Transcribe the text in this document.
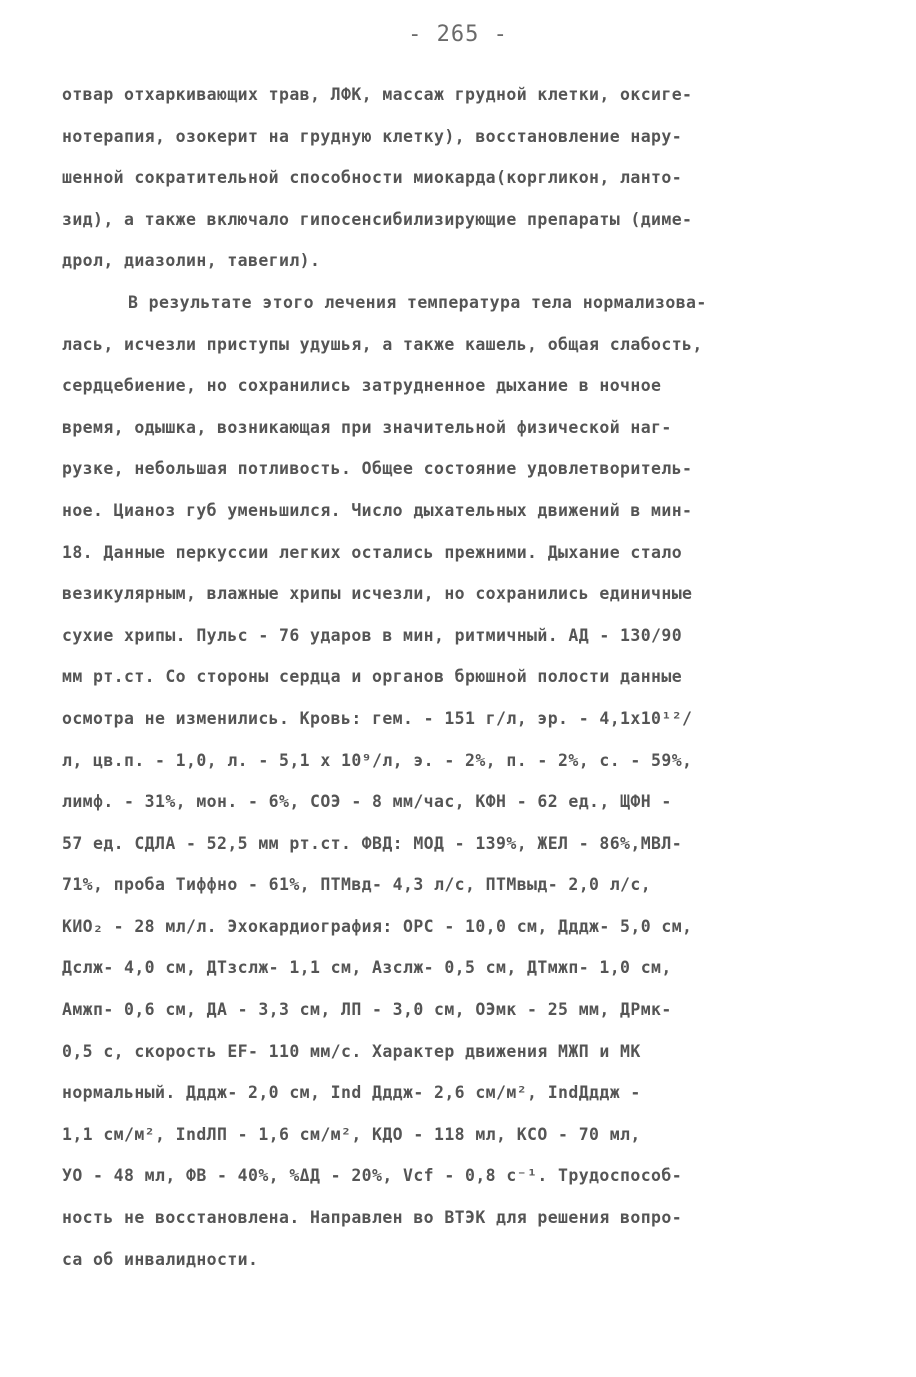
- 265 -
отвар отхаркивающих трав, ЛФК, массаж грудной клетки, оксиге-
нотерапия, озокерит на грудную клетку), восстановление нару-
шенной сократительной способности миокарда(коргликон, ланто-
зид), а также включало гипосенсибилизирующие препараты (диме-
дрол, диазолин, тавегил).
В результате этого лечения температура тела нормализова-
лась, исчезли приступы удушья, а также кашель, общая слабость,
сердцебиение, но сохранились затрудненное дыхание в ночное
время, одышка, возникающая при значительной физической наг-
рузке, небольшая потливость. Общее состояние удовлетворитель-
ное. Цианоз губ уменьшился. Число дыхательных движений в мин-
18. Данные перкуссии легких остались прежними. Дыхание стало
везикулярным, влажные хрипы исчезли, но сохранились единичные
сухие хрипы. Пульс - 76 ударов в мин, ритмичный. АД - 130/90
мм рт.ст. Со стороны сердца и органов брюшной полости данные
осмотра не изменились. Кровь: гем. - 151 г/л, эр. - 4,1х10¹²/
л, цв.п. - 1,0, л. - 5,1 х 10⁹/л, э. - 2%, п. - 2%, с. - 59%,
лимф. - 31%, мон. - 6%, СОЭ - 8 мм/час, КФН - 62 ед., ЩФН -
57 ед. СДЛА - 52,5 мм рт.ст. ФВД: МОД - 139%, ЖЕЛ - 86%,МВЛ-
71%, проба Тиффно - 61%, ПТМвд- 4,3 л/с, ПТМвыд- 2,0 л/с,
КИО₂ - 28 мл/л. Эхокардиография: ОРС - 10,0 см, Дддж- 5,0 см,
Дслж- 4,0 см, ДТзслж- 1,1 см, Азслж- 0,5 см, ДТмжп- 1,0 см,
Амжп- 0,6 см, ДА - 3,3 см, ЛП - 3,0 см, ОЭмк - 25 мм, ДРмк-
0,5 с, скорость EF- 110 мм/с. Характер движения МЖП и МК
нормальный. Дддж- 2,0 см, Ind Дддж- 2,6 см/м², IndДддж -
1,1 см/м², IndЛП - 1,6 см/м², КДО - 118 мл, КСО - 70 мл,
УО - 48 мл, ФВ - 40%, %ΔД - 20%, Vcf - 0,8 с⁻¹. Трудоспособ-
ность не восстановлена. Направлен во ВТЭК для решения вопро-
са об инвалидности.
